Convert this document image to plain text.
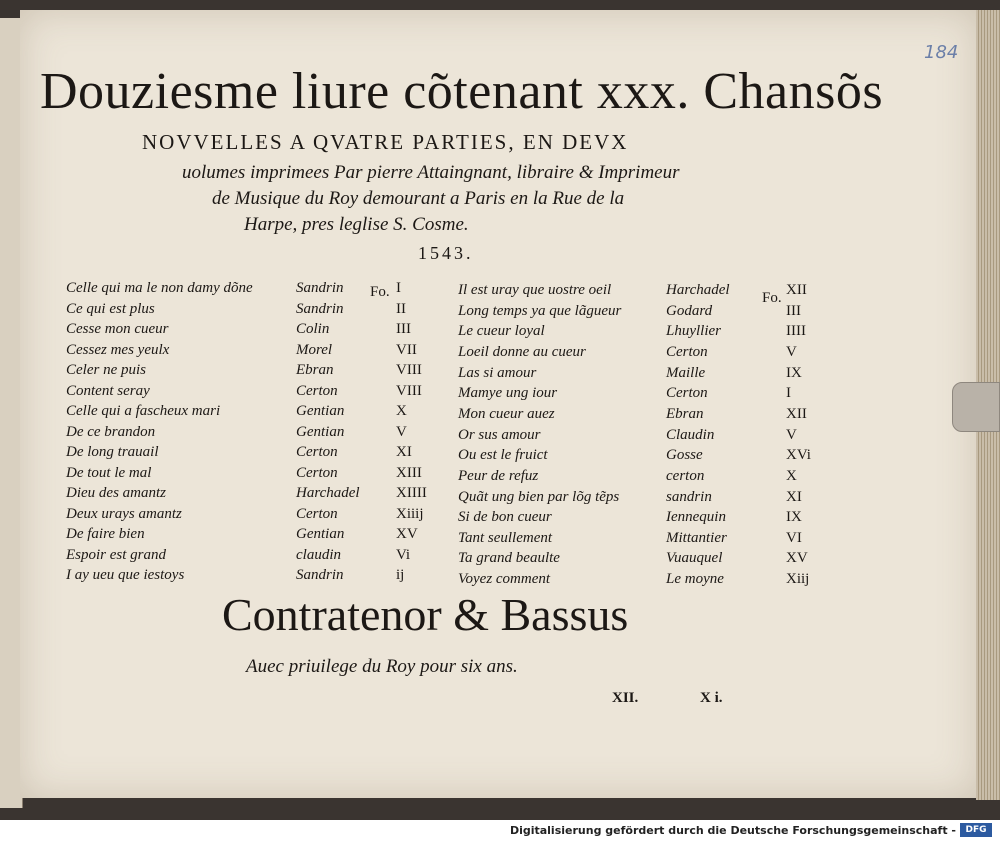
184
Douziesme liure cõtenant xxx. Chansõs
NOVVELLES A QVATRE PARTIES, EN DEVX
uolumes imprimees Par pierre Attaingnant, libraire & Imprimeur
de Musique du Roy demourant a Paris en la Rue de la
Harpe, pres leglise S. Cosme.
1543.
Celle qui ma le non damy dõne	Sandrin	I
Ce qui est plus	Sandrin	II
Cesse mon cueur	Colin	III
Cessez mes yeulx	Morel	VII
Celer ne puis	Ebran	VIII
Content seray	Certon	VIII
Celle qui a fascheux mari	Gentian	X
De ce brandon	Gentian	V
De long trauail	Certon	XI
De tout le mal	Certon	XIII
Dieu des amantz	Harchadel XIIII
Deux urays amantz	Certon	Xiiij
De faire bien	Gentian	XV
Espoir est grand	claudin	Vi
I ay ueu que iestoys	Sandrin	ij
Il est uray que uostre oeil	Harchadel	XII
Long temps ya que lãgueur	Godard	III
Le cueur loyal	Lhuyllier	IIII
Loeil donne au cueur	Certon	V
Las si amour	Maille	IX
Mamye ung iour	Certon	I
Mon cueur auez	Ebran	XII
Or sus amour	Claudin	V
Ou est le fruict	Gosse	XVi
Peur de refuz	certon	X
Quãt ung bien par lõg tẽps	sandrin	XI
Si de bon cueur	Iennequin	IX
Tant seullement	Mittantier	VI
Ta grand beaulte	Vuauquel	XV
Voyez comment	Le moyne	Xiij
Fo.	Fo.
Contratenor & Bassus
Auec priuilege du Roy pour six ans.
XII.	X i.
Digitalisierung gefördert durch die Deutsche Forschungsgemeinschaft -	DFG
